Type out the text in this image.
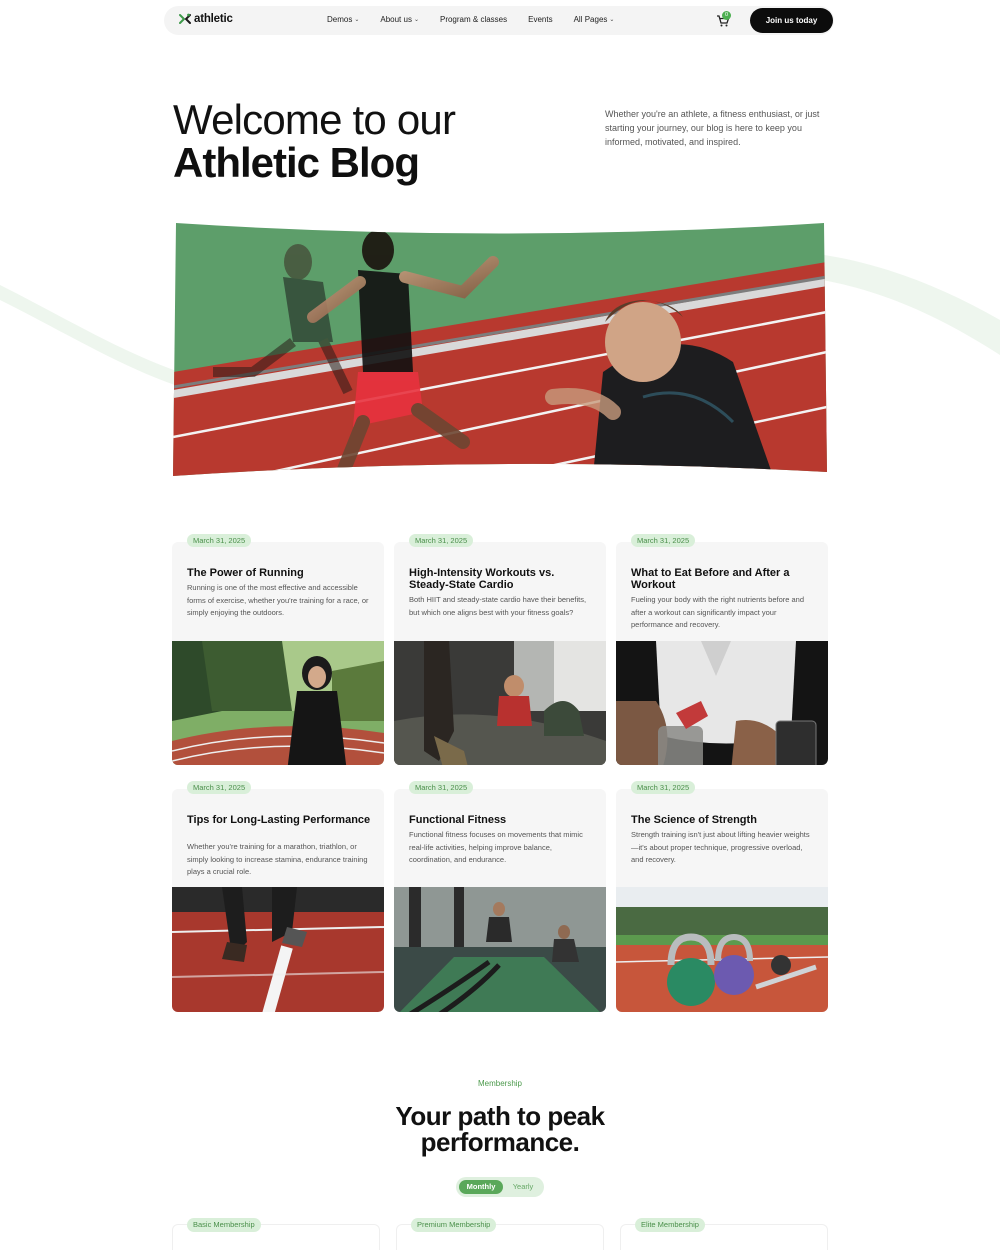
athletic	Demos ⌄	About us ⌄	Program & classes	Events	All Pages ⌄
0
Join us today
Welcome to our
Athletic Blog

Whether you're an athlete, a fitness enthusiast, or just starting your journey, our blog is here to keep you informed, motivated, and inspired.

March 31, 2025
The Power of Running

Running is one of the most effective and accessible forms of exercise, whether you're training for a race, or simply enjoying the outdoors.

March 31, 2025
High-Intensity Workouts vs. Steady-State Cardio

Both HIIT and steady-state cardio have their benefits, but which one aligns best with your fitness goals?

March 31, 2025
What to Eat Before and After a Workout

Fueling your body with the right nutrients before and after a workout can significantly impact your performance and recovery.

March 31, 2025
Tips for Long-Lasting Performance

Whether you're training for a marathon, triathlon, or simply looking to increase stamina, endurance training plays a crucial role.

March 31, 2025
Functional Fitness

Functional fitness focuses on movements that mimic real-life activities, helping improve balance, coordination, and endurance.

March 31, 2025
The Science of Strength

Strength training isn't just about lifting heavier weights—it's about proper technique, progressive overload, and recovery.

Membership
Your path to peak
performance.
Monthly	Yearly
Basic Membership	Premium Membership	Elite Membership
